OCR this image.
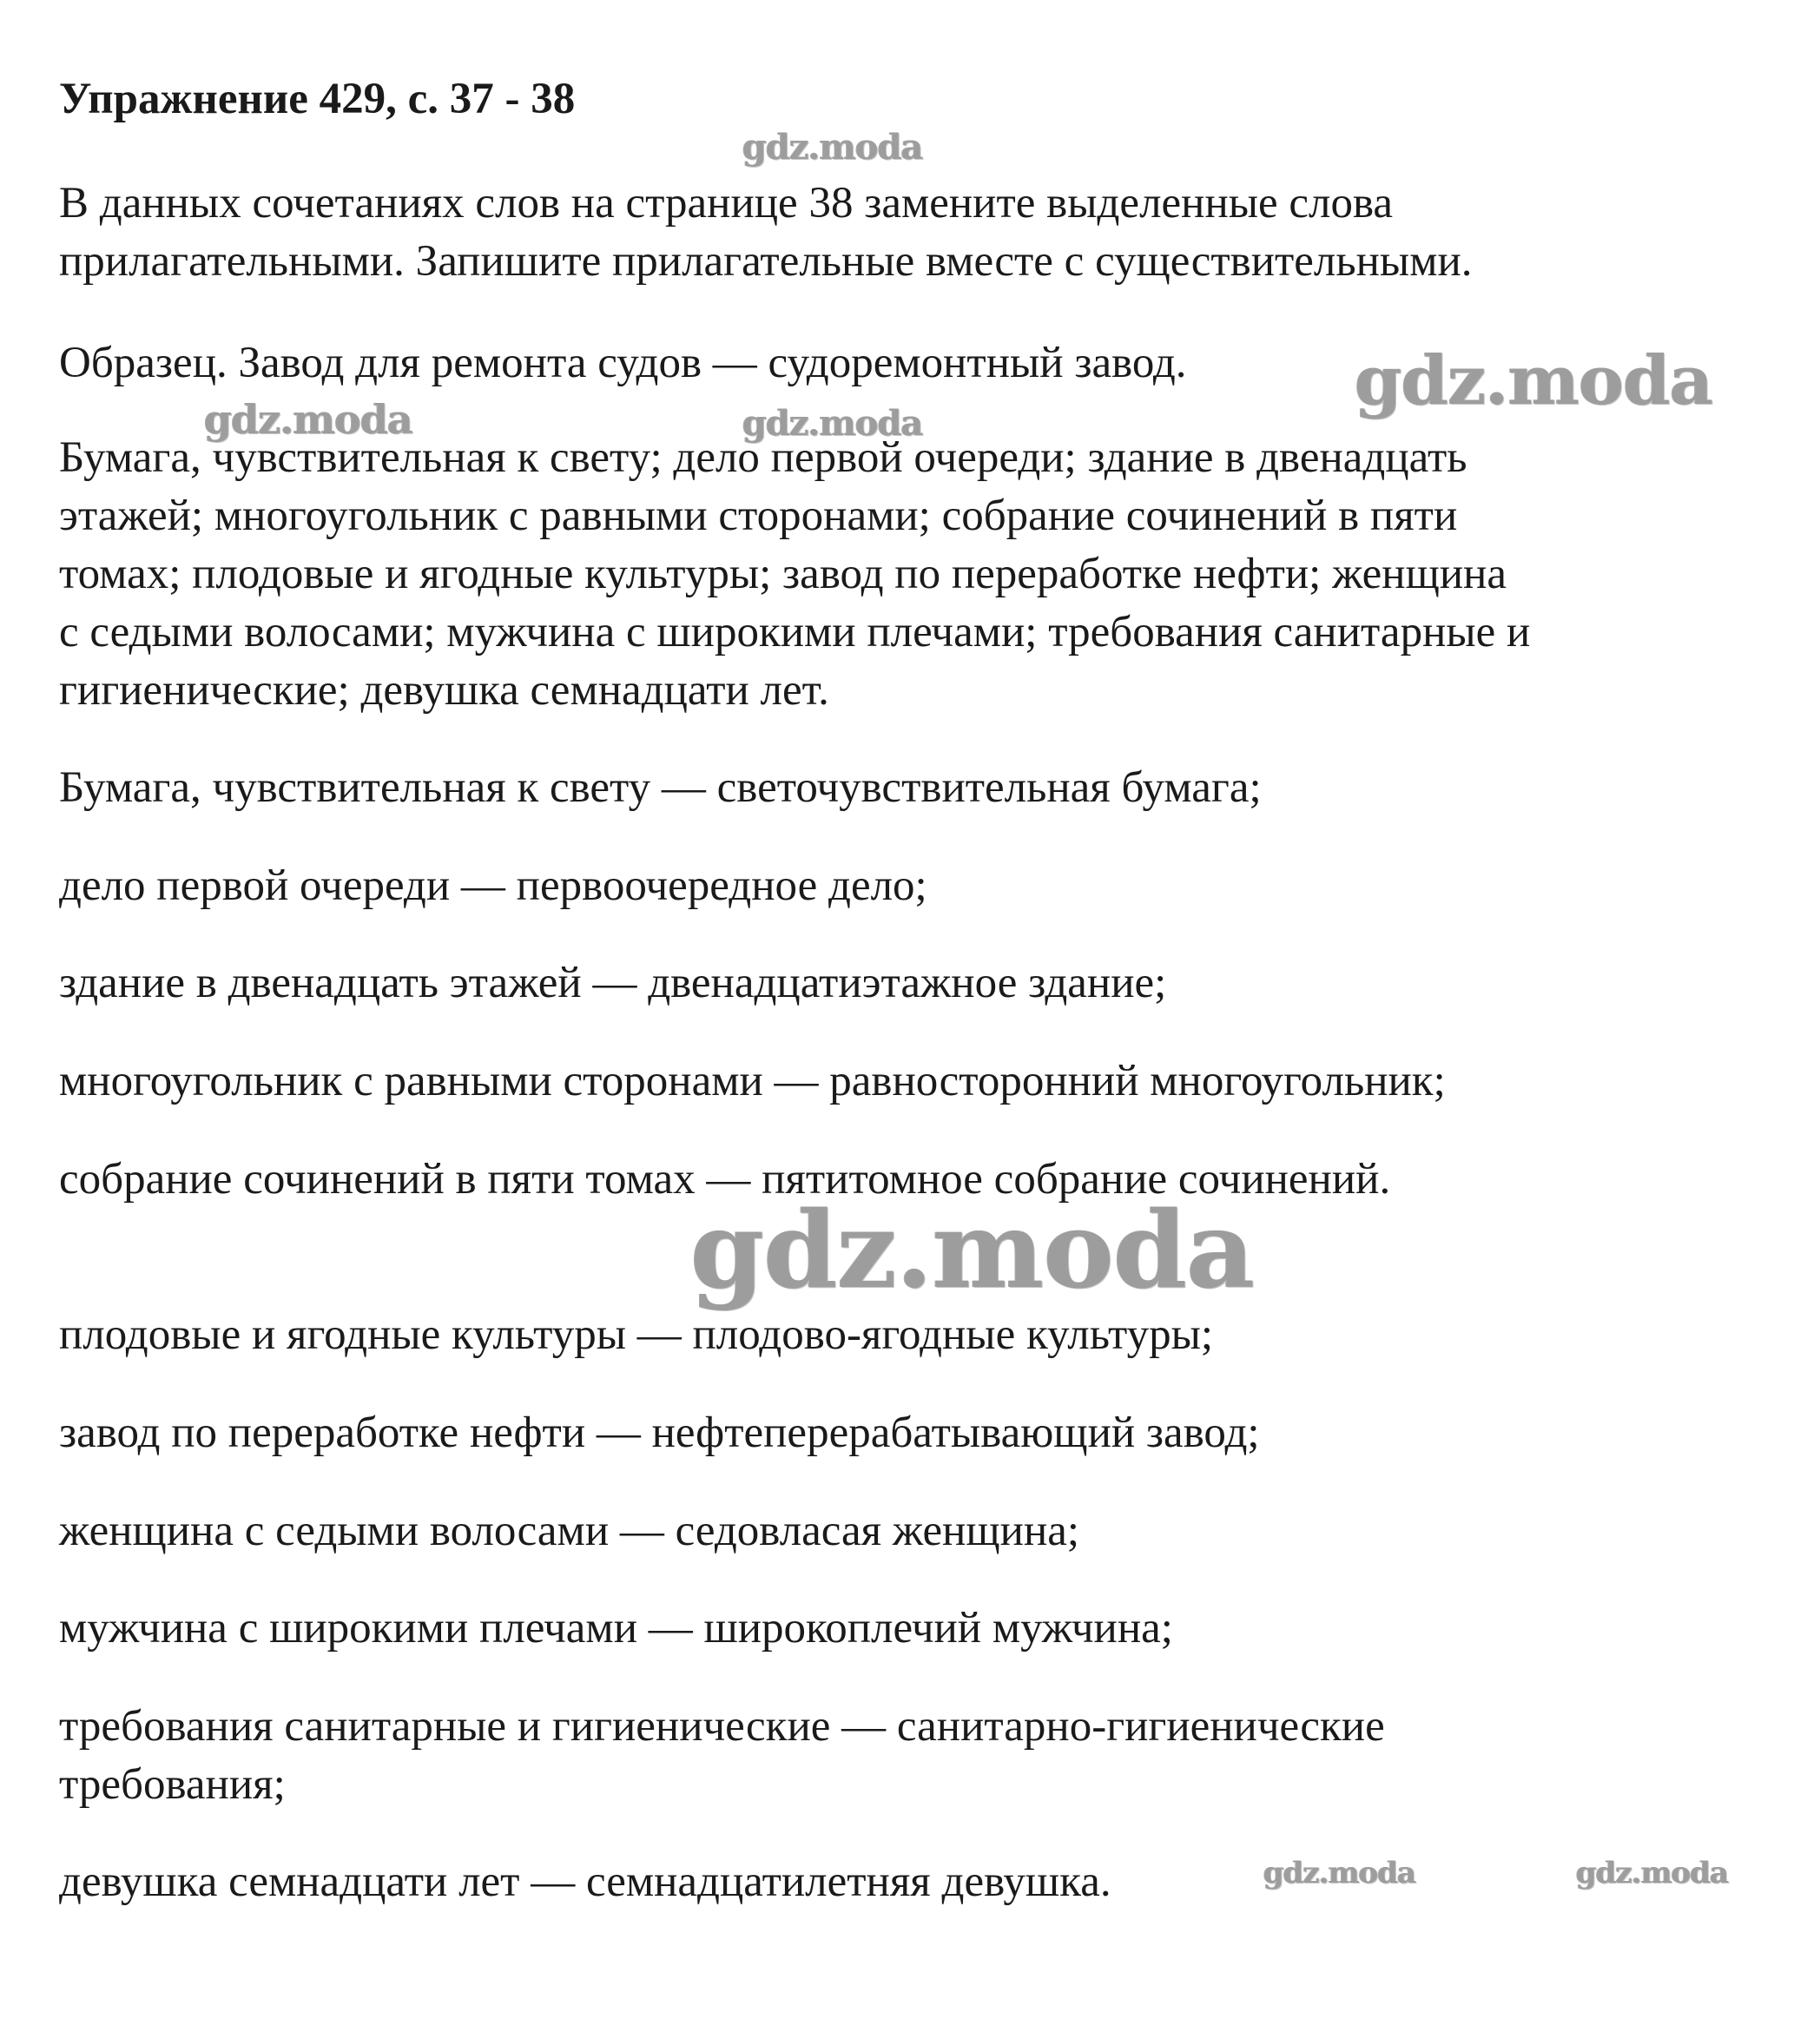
Упражнение 429, с. 37 - 38
gdz.moda

В данных сочетаниях слов на странице 38 замените выделенные слова

прилагательными. Запишите прилагательные вместе с существительными.

Образец. Завод для ремонта судов — судоремонтный завод. gdz.moda
gdz.moda	gdz.moda

Бумага, чувствительная к свету; дело первой очереди; здание в двенадцать

этажей; многоугольник с равными сторонами; собрание сочинений в пяти

томах; плодовые и ягодные культуры; завод по переработке нефти; женщина

с седыми волосами; мужчина с широкими плечами; требования санитарные и

гигиенические; девушка семнадцати лет.

Бумага, чувствительная к свету — светочувствительная бумага;

дело первой очереди — первоочередное дело;

здание в двенадцать этажей — двенадцатиэтажное здание;

многоугольник с равными сторонами — равносторонний многоугольник;

собрание сочинений в пяти томах — пятитомное собрание сочинений.

gdz.moda

плодовые и ягодные культуры — плодово-ягодные культуры;

завод по переработке нефти — нефтеперерабатывающий завод;

женщина с седыми волосами — седовласая женщина;

мужчина с широкими плечами — широкоплечий мужчина;

требования санитарные и гигиенические — санитарно-гигиенические

требования;

девушка семнадцати лет — семнадцатилетняя девушка.	gdz.moda	gdz.moda
